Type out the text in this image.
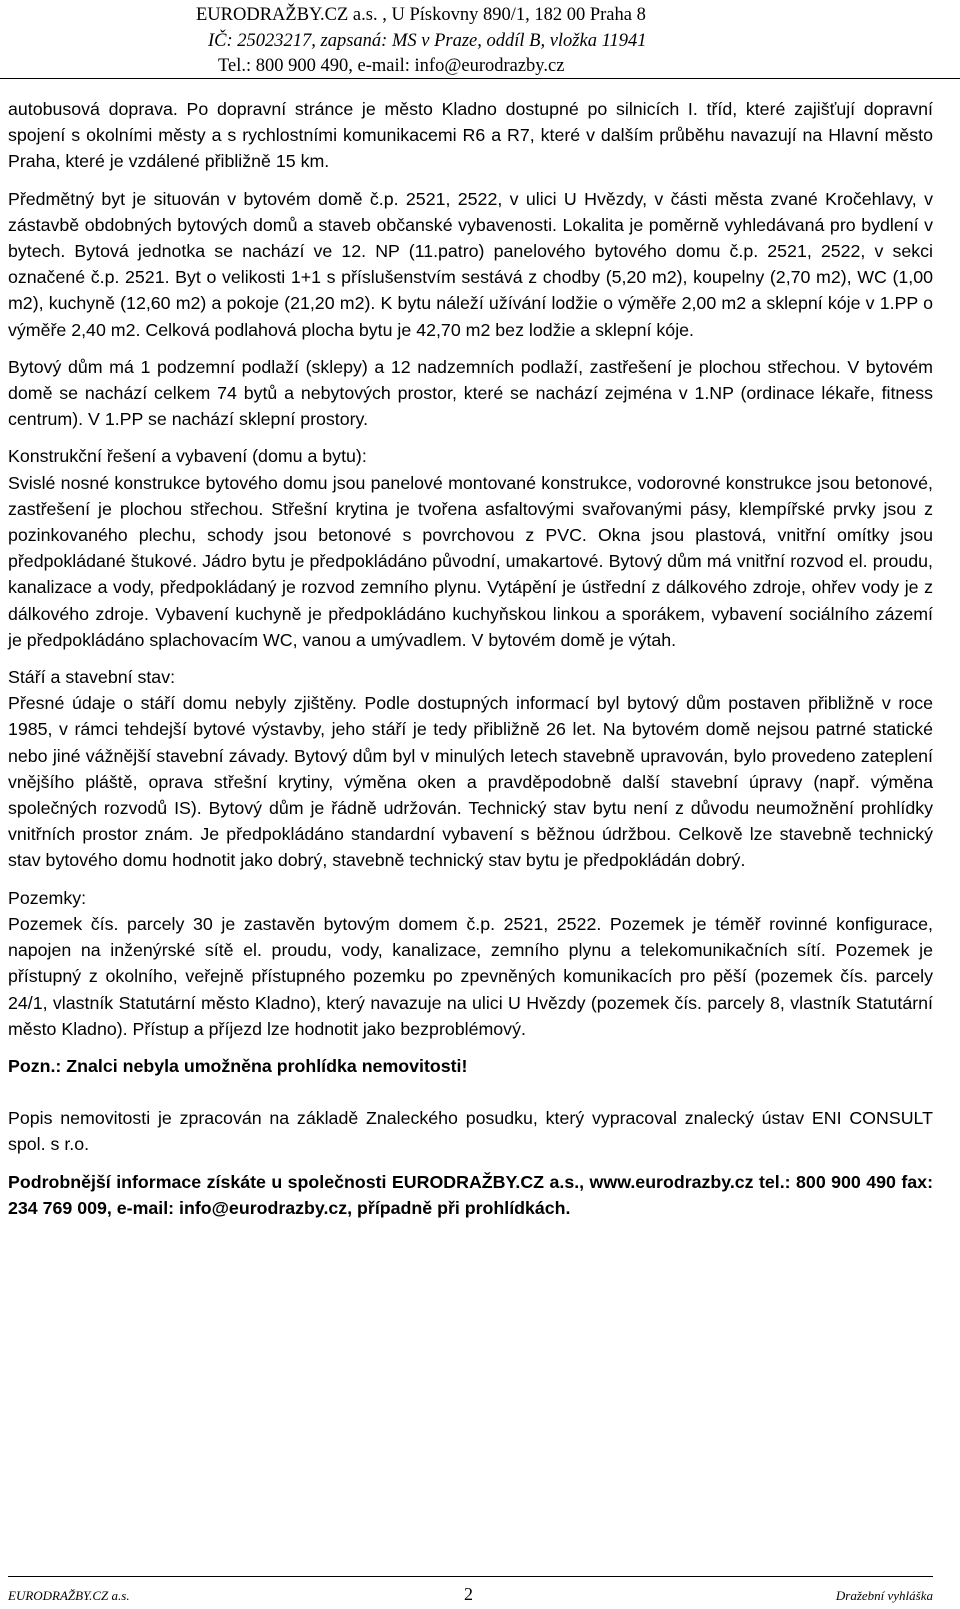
EURODRAŽBY.CZ a.s. , U Pískovny 890/1, 182 00 Praha 8
IČ: 25023217, zapsaná: MS v Praze, oddíl B, vložka 11941
Tel.: 800 900 490, e-mail: info@eurodrazby.cz

autobusová doprava. Po dopravní stránce je město Kladno dostupné po silnicích I. tříd, které zajišťují dopravní spojení s okolními městy a s rychlostními komunikacemi R6 a R7, které v dalším průběhu navazují na Hlavní město Praha, které je vzdálené přibližně 15 km.

Předmětný byt je situován v bytovém domě č.p. 2521, 2522, v ulici U Hvězdy, v části města zvané Kročehlavy, v zástavbě obdobných bytových domů a staveb občanské vybavenosti. Lokalita je poměrně vyhledávaná pro bydlení v bytech. Bytová jednotka se nachází ve 12. NP (11.patro) panelového bytového domu č.p. 2521, 2522, v sekci označené č.p. 2521. Byt o velikosti 1+1 s příslušenstvím sestává z chodby (5,20 m2), koupelny (2,70 m2), WC (1,00 m2), kuchyně (12,60 m2) a pokoje (21,20 m2). K bytu náleží užívání lodžie o výměře 2,00 m2 a sklepní kóje v 1.PP o výměře 2,40 m2. Celková podlahová plocha bytu je 42,70 m2 bez lodžie a sklepní kóje.

Bytový dům má 1 podzemní podlaží (sklepy) a 12 nadzemních podlaží, zastřešení je plochou střechou. V bytovém domě se nachází celkem 74 bytů a nebytových prostor, které se nachází zejména v 1.NP (ordinace lékaře, fitness centrum). V 1.PP se nachází sklepní prostory.

Konstrukční řešení a vybavení (domu a bytu):

Svislé nosné konstrukce bytového domu jsou panelové montované konstrukce, vodorovné konstrukce jsou betonové, zastřešení je plochou střechou. Střešní krytina je tvořena asfaltovými svařovanými pásy, klempířské prvky jsou z pozinkovaného plechu, schody jsou betonové s povrchovou z PVC. Okna jsou plastová, vnitřní omítky jsou předpokládané štukové. Jádro bytu je předpokládáno původní, umakartové. Bytový dům má vnitřní rozvod el. proudu, kanalizace a vody, předpokládaný je rozvod zemního plynu. Vytápění je ústřední z dálkového zdroje, ohřev vody je z dálkového zdroje. Vybavení kuchyně je předpokládáno kuchyňskou linkou a sporákem, vybavení sociálního zázemí je předpokládáno splachovacím WC, vanou a umývadlem. V bytovém domě je výtah.

Stáří a stavební stav:

Přesné údaje o stáří domu nebyly zjištěny. Podle dostupných informací byl bytový dům postaven přibližně v roce 1985, v rámci tehdejší bytové výstavby, jeho stáří je tedy přibližně 26 let. Na bytovém domě nejsou patrné statické nebo jiné vážnější stavební závady. Bytový dům byl v minulých letech stavebně upravován, bylo provedeno zateplení vnějšího pláště, oprava střešní krytiny, výměna oken a pravděpodobně další stavební úpravy (např. výměna společných rozvodů IS). Bytový dům je řádně udržován. Technický stav bytu není z důvodu neumožnění prohlídky vnitřních prostor znám. Je předpokládáno standardní vybavení s běžnou údržbou. Celkově lze stavebně technický stav bytového domu hodnotit jako dobrý, stavebně technický stav bytu je předpokládán dobrý.

Pozemky:

Pozemek čís. parcely 30 je zastavěn bytovým domem č.p. 2521, 2522. Pozemek je téměř rovinné konfigurace, napojen na inženýrské sítě el. proudu, vody, kanalizace, zemního plynu a telekomunikačních sítí. Pozemek je přístupný z okolního, veřejně přístupného pozemku po zpevněných komunikacích pro pěší (pozemek čís. parcely 24/1, vlastník Statutární město Kladno), který navazuje na ulici U Hvězdy (pozemek čís. parcely 8, vlastník Statutární město Kladno). Přístup a příjezd lze hodnotit jako bezproblémový.

Pozn.: Znalci nebyla umožněna prohlídka nemovitosti!

Popis nemovitosti je zpracován na základě Znaleckého posudku, který vypracoval znalecký ústav ENI CONSULT spol. s r.o.

Podrobnější informace získáte u společnosti EURODRAŽBY.CZ a.s., www.eurodrazby.cz tel.: 800 900 490 fax: 234 769 009, e-mail: info@eurodrazby.cz, případně při prohlídkách.

EURODRAŽBY.CZ a.s.	2	Dražební vyhláška
